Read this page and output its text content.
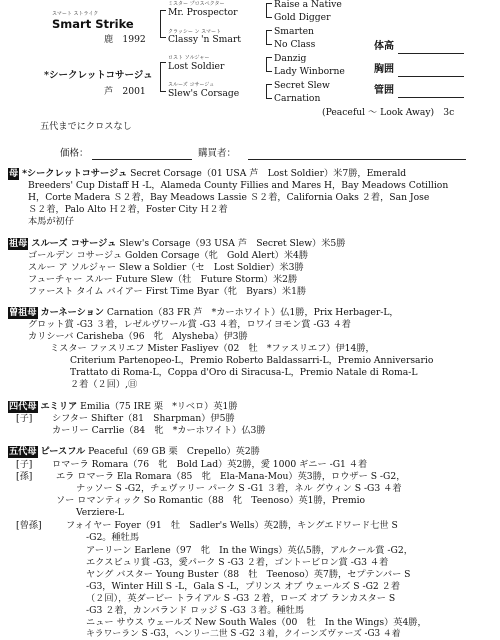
スマート ストライク
Smart Strike
鹿　1992
*シークレットコサージュ
芦　2001
ミスター プロスペクター
Mr. Prospector
クラッシー ン スマート
Classy 'n Smart
ロスト ソルジャー
Lost Soldier
スルーズ コサージュ
Slew's Corsage
Raise a Native
Gold Digger
Smarten
No Class
Danzig
Lady Winborne
Secret Slew
Carnation
体高
胸囲
管囲
(Peaceful ～ Look Away)　3c
五代までにクロスなし
価格：	購買者：
母 *シークレットコサージュ Secret Corsage（01 USA 芦　Lost Soldier）米7勝，Emerald
Breeders' Cup Distaff H -L，Alameda County Fillies and Mares H，Bay Meadows Cotillion
H，Corte Madera Ｓ２着，Bay Meadows Lassie Ｓ２着，California Oaks ２着，San Jose
Ｓ２着，Palo Alto Ｈ２着，Foster City Ｈ２着
本馬が初仔
祖母 スルーズ コサージュ Slew's Corsage（93 USA 芦　Secret Slew）米5勝
ゴールデン コサージュ Golden Corsage（牝　Gold Alert）米4勝
スルー ア ソルジャー Slew a Soldier（セ　Lost Soldier）米3勝
フューチャー スルー Future Slew（牡　Future Storm）米2勝
ファースト タイム バイアー First Time Byar（牝　Byars）米1勝
曽祖母 カーネーション Carnation（83 FR 芦　*カーホワイト）仏1勝，Prix Herbager-L，
グロット賞 -G3 ３着，レゼルヴワール賞 -G3 ４着，ロワイヨモン賞 -G3 ４着
カリシーバ Carisheba（96　牝　Alysheba）伊3勝
ミスター ファスリエフ Mister Fasliyev（02　牡　*ファスリエフ）伊14勝，
Criterium Partenopeo-L，Premio Roberto Baldassarri-L，Premio Anniversario
Trattato di Roma-L，Coppa d'Oro di Siracusa-L，Premio Natale di Roma-L
２着（２回）,㊐
四代母 エミリア Emilia（75 IRE 栗　*リベロ）英1勝
[子] シフター Shifter（81　Sharpman）伊5勝
カーリー Carrlie（84　牝　*カーホワイト）仏3勝
五代母 ピースフル Peaceful（69 GB 栗　Crepello）英2勝
[子] ロマーラ Romara（76　牝　Bold Lad）英2勝，愛 1000 ギニー -G1 ４着
[孫]	エラ ロマーラ Ela Romara（85　牝　Ela-Mana-Mou）英3勝，ロウザー S -G2，
ナッソー S -G2，チェヴァリー パーク S -G1 ３着，ネル グウィン S -G3 ４着
ソー ロマンティック So Romantic（88　牝　Teenoso）英1勝，Premio
Verziere-L
[曾孫]	フォイヤー Foyer（91　牡　Sadler's Wells）英2勝，キングエドワード七世 S
-G2。種牡馬
アーリーン Earlene（97　牝　In the Wings）英仏5勝，アルクール賞 -G2，
エクスビュリ賞 -G3，愛パーク S -G3 ２着，ゴントービロン賞 -G3 ４着
ヤング バスター Young Buster（88　牡　Teenoso）英7勝，セプテンバー S
-G3，Winter Hill S -L，Gala S -L，プリンス オブ ウェールズ S -G2 ２着
（２回），英ダービー トライアル S -G3 ２着，ローズ オブ ランカスター S
-G3 ２着，カンバランド ロッジ S -G3 ３着。種牡馬
ニュー サウス ウェールズ New South Wales（00　牡　In the Wings）英4勝，
キラワーラン S -G3，ヘンリー二世 S -G2 ３着，クイーンズヴァーズ -G3 ４着
